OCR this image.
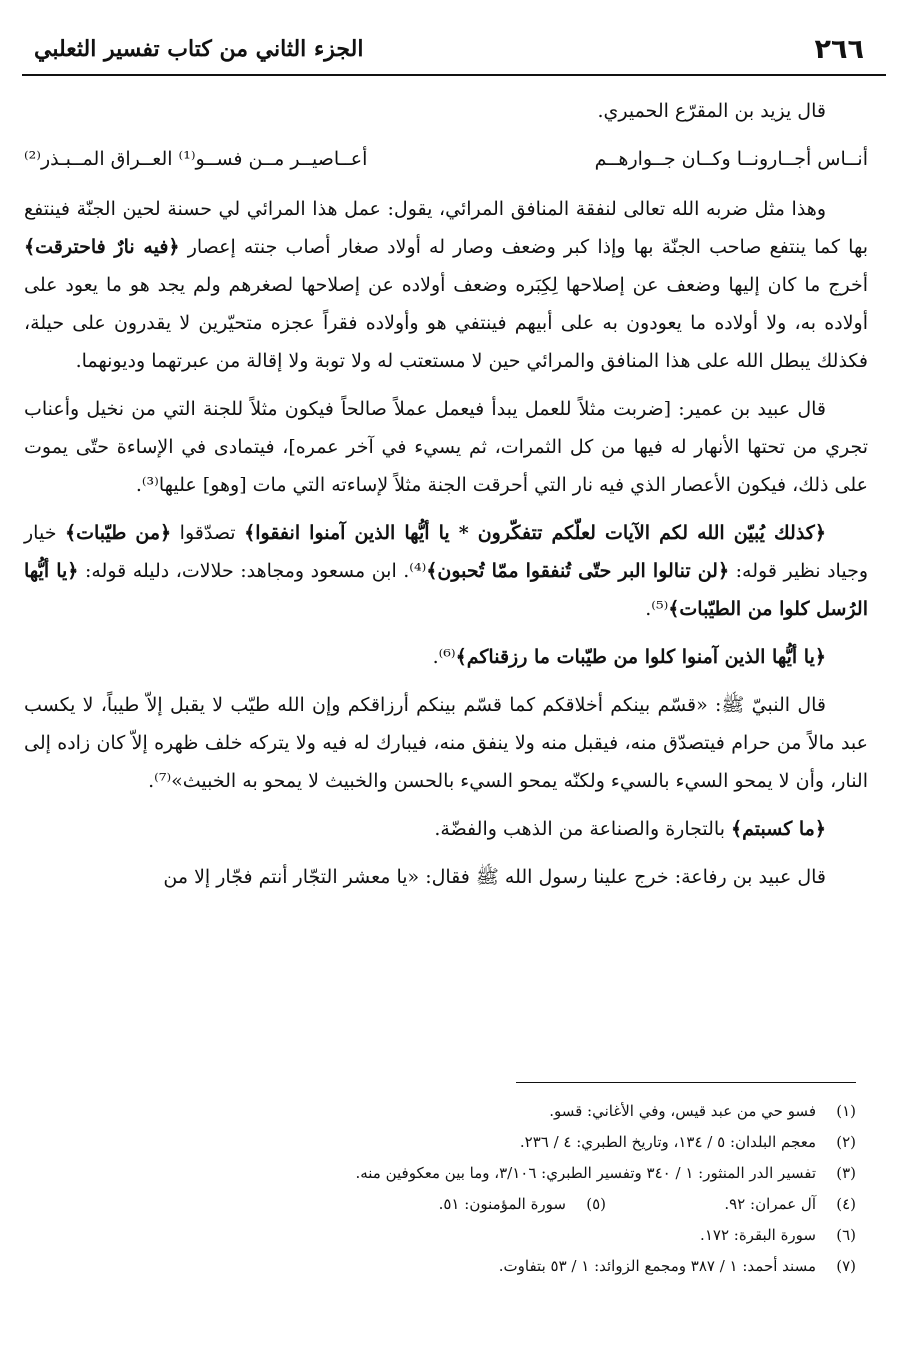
٢٦٦
الجزء الثاني من كتاب تفسير الثعلبي

قال يزيد بن المقرّع الحميري.

أنــاس أجــارونــا وكــان جــوارهــم
أعــاصيــر مــن فســو⁽¹⁾ العــراق المــبـذر⁽²⁾

وهذا مثل ضربه الله تعالى لنفقة المنافق المرائي، يقول: عمل هذا المرائي لي حسنة لحين الجنّة فينتفع بها كما ينتفع صاحب الجنّة بها وإذا كبر وضعف وصار له أولاد صغار أصاب جنته إعصار ﴿فيه نارٌ فاحترقت﴾ أخرج ما كان إليها وضعف عن إصلاحها لِكِبَره وضعف أولاده عن إصلاحها لصغرهم ولم يجد هو ما يعود على أولاده به، ولا أولاده ما يعودون به على أبيهم فينتفي هو وأولاده فقراً عجزه متحيّرين لا يقدرون على حيلة، فكذلك يبطل الله على هذا المنافق والمرائي حين لا مستعتب له ولا توبة ولا إقالة من عبرتهما وديونهما.

قال عبيد بن عمير: [ضربت مثلاً للعمل يبدأ فيعمل عملاً صالحاً فيكون مثلاً للجنة التي من نخيل وأعناب تجري من تحتها الأنهار له فيها من كل الثمرات، ثم يسيء في آخر عمره]، فيتمادى في الإساءة حتّى يموت على ذلك، فيكون الأعصار الذي فيه نار التي أحرقت الجنة مثلاً لإساءته التي مات [وهو] عليها⁽³⁾.

﴿كذلك يُبيّن الله لكم الآيات لعلّكم تتفكّرون * يا أيُّها الذين آمنوا انفقوا﴾ تصدّقوا ﴿من طيّبات﴾ خيار وجياد نظير قوله: ﴿لن تنالوا البر حتّى تُنفقوا ممّا تُحبون﴾⁽⁴⁾. ابن مسعود ومجاهد: حلالات، دليله قوله: ﴿يا أيُّها الرُسل كلوا من الطيّبات﴾⁽⁵⁾.

﴿يا أيُّها الذين آمنوا كلوا من طيّبات ما رزقناكم﴾⁽⁶⁾.

قال النبيّ ﷺ: «قسّم بينكم أخلاقكم كما قسّم بينكم أرزاقكم وإن الله طيّب لا يقبل إلاّ طيباً، لا يكسب عبد مالاً من حرام فيتصدّق منه، فيقبل منه ولا ينفق منه، فيبارك له فيه ولا يتركه خلف ظهره إلاّ كان زاده إلى النار، وأن لا يمحو السيء بالسيء ولكنّه يمحو السيء بالحسن والخبيث لا يمحو به الخبيث»⁽⁷⁾.

﴿ما كسبتم﴾ بالتجارة والصناعة من الذهب والفضّة.

قال عبيد بن رفاعة: خرج علينا رسول الله ﷺ فقال: «يا معشر التجّار أنتم فجّار إلا من

(١)
فسو حي من عبد قيس، وفي الأغاني: قسو.
(٢)
معجم البلدان: ٥ / ١٣٤، وتاريخ الطبري: ٤ / ٢٣٦.
(٣)
تفسير الدر المنثور: ١ / ٣٤٠ وتفسير الطبري: ٣/١٠٦، وما بين معكوفين منه.
(٤)
آل عمران: ٩٢.
(٥)
سورة المؤمنون: ٥١.
(٦)
سورة البقرة: ١٧٢.
(٧)
مسند أحمد: ١ / ٣٨٧ ومجمع الزوائد: ١ / ٥٣ بتفاوت.
